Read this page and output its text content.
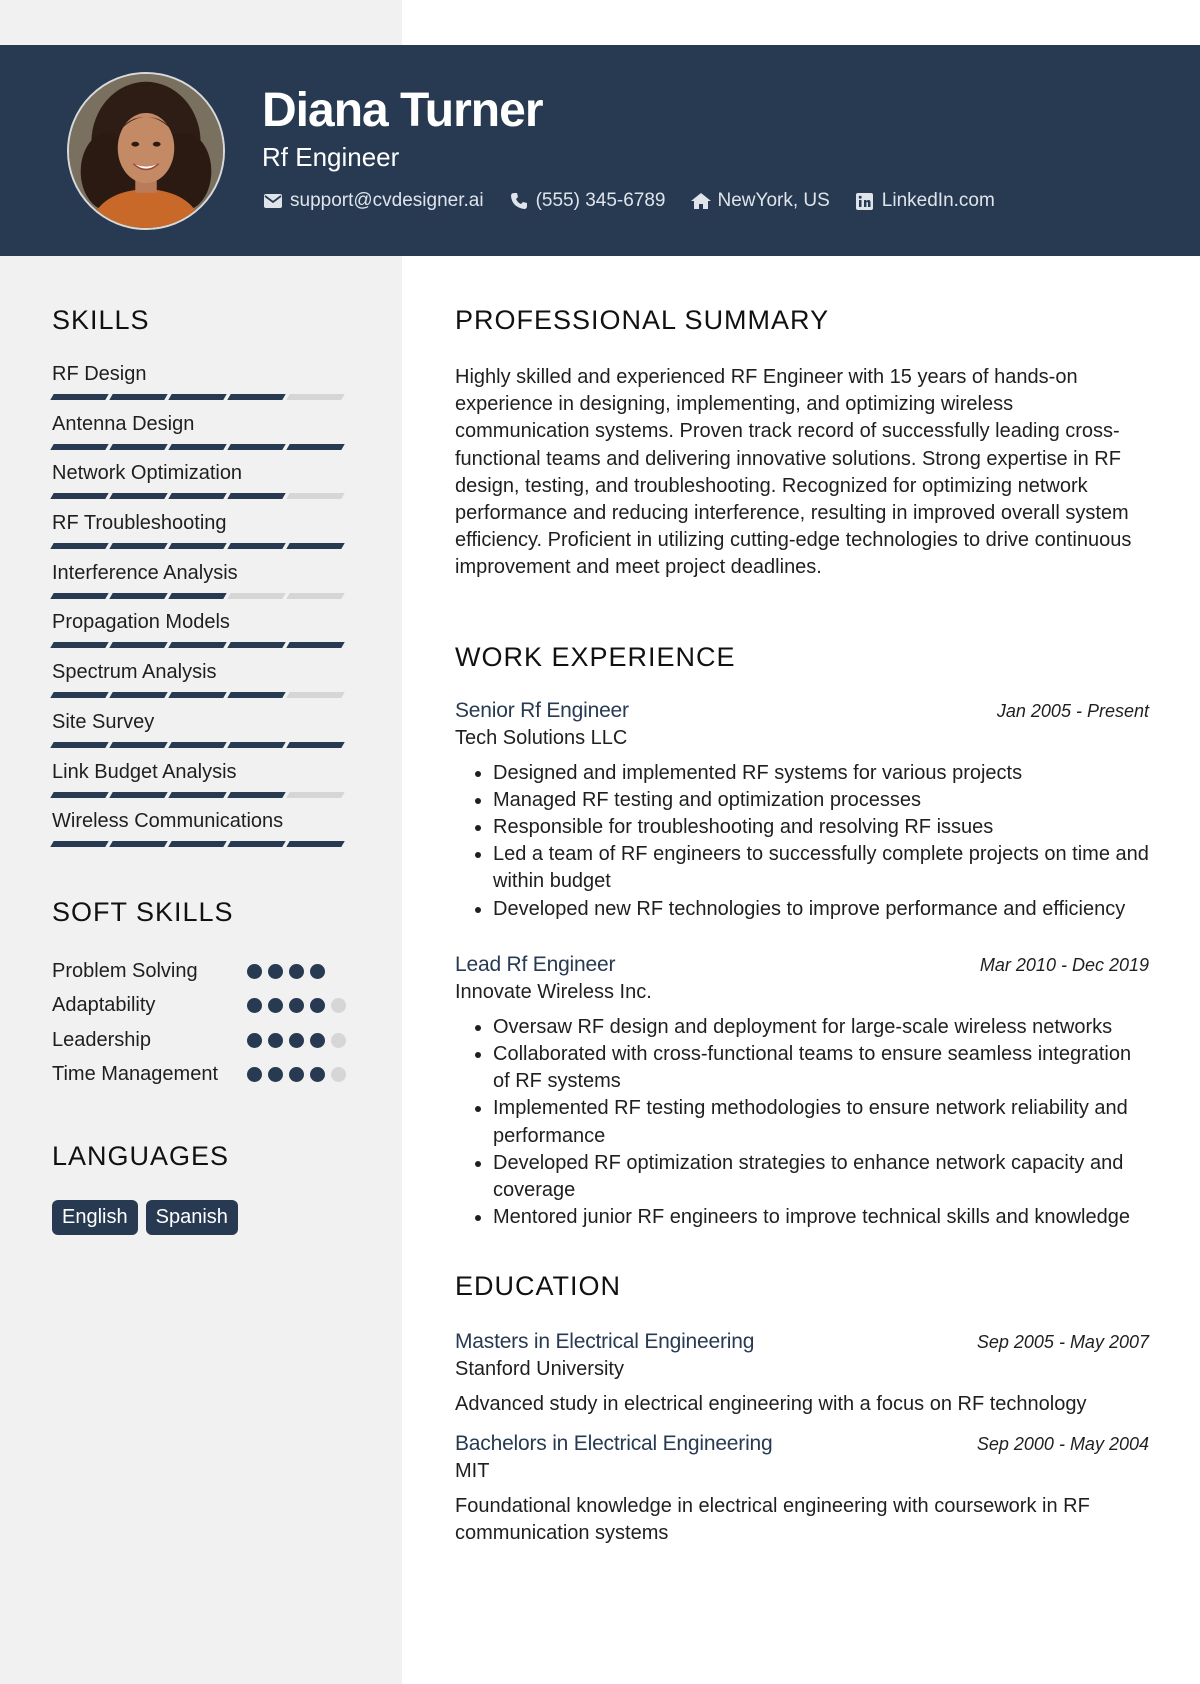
Diana Turner
Rf Engineer
support@cvdesigner.ai	(555) 345-6789	NewYork, US	LinkedIn.com
SKILLS
RF Design
Antenna Design
Network Optimization
RF Troubleshooting
Interference Analysis
Propagation Models
Spectrum Analysis
Site Survey
Link Budget Analysis
Wireless Communications
SOFT SKILLS
Problem Solving
Adaptability
Leadership
Time Management
LANGUAGES
English	Spanish
PROFESSIONAL SUMMARY

Highly skilled and experienced RF Engineer with 15 years of hands-on experience in designing, implementing, and optimizing wireless communication systems. Proven track record of successfully leading cross-functional teams and delivering innovative solutions. Strong expertise in RF design, testing, and troubleshooting. Recognized for optimizing network performance and reducing interference, resulting in improved overall system efficiency. Proficient in utilizing cutting-edge technologies to drive continuous improvement and meet project deadlines.

WORK EXPERIENCE
Senior Rf Engineer	Jan 2005 - Present
Tech Solutions LLC
• Designed and implemented RF systems for various projects
• Managed RF testing and optimization processes
• Responsible for troubleshooting and resolving RF issues
• Led a team of RF engineers to successfully complete projects on time and within budget
• Developed new RF technologies to improve performance and efficiency
Lead Rf Engineer	Mar 2010 - Dec 2019
Innovate Wireless Inc.
• Oversaw RF design and deployment for large-scale wireless networks
• Collaborated with cross-functional teams to ensure seamless integration of RF systems
• Implemented RF testing methodologies to ensure network reliability and performance
• Developed RF optimization strategies to enhance network capacity and coverage
• Mentored junior RF engineers to improve technical skills and knowledge
EDUCATION
Masters in Electrical Engineering	Sep 2005 - May 2007
Stanford University

Advanced study in electrical engineering with a focus on RF technology

Bachelors in Electrical Engineering	Sep 2000 - May 2004
MIT

Foundational knowledge in electrical engineering with coursework in RF communication systems
